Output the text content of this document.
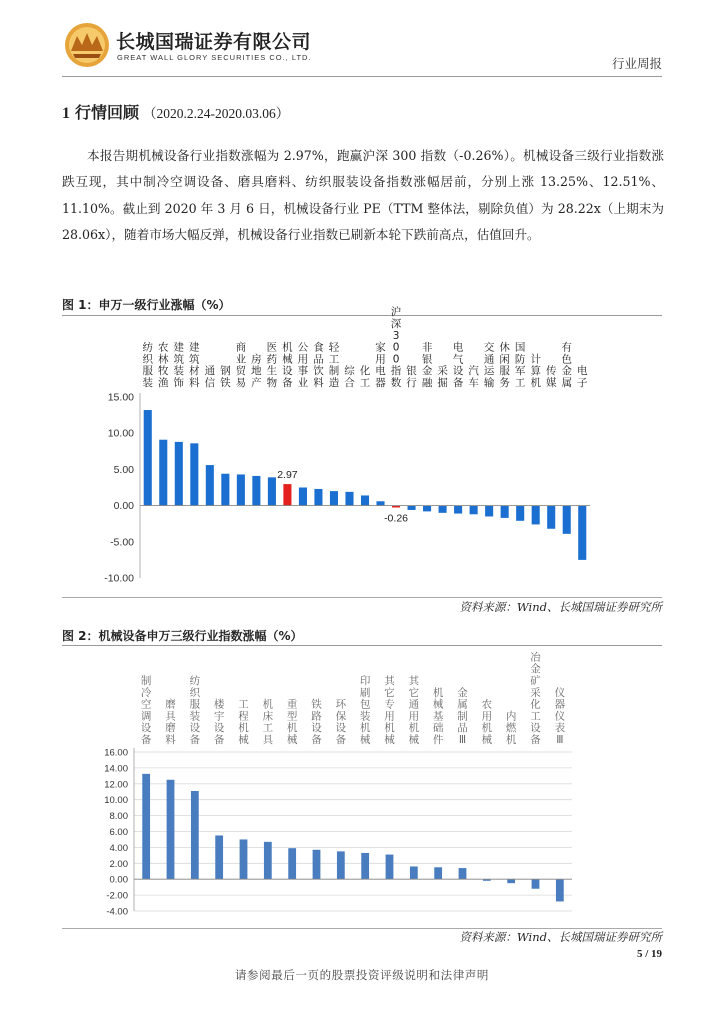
长城国瑞证券有限公司
GREAT WALL GLORY SECURITIES CO., LTD.	行业周报
1 行情回顾 （2020.2.24-2020.03.06）
本报告期机械设备行业指数涨幅为 2.97%，跑赢沪深 300 指数（-0.26%）。机械设备三级行业指数涨跌互现，其中制冷空调设备、磨具磨料、纺织服装设备指数涨幅居前，分别上涨 13.25%、12.51%、11.10%。截止到 2020 年 3 月 6 日，机械设备行业 PE（TTM 整体法，剔除负值）为 28.22x（上期末为 28.06x），随着市场大幅反弹，机械设备行业指数已刷新本轮下跌前高点，估值回升。
图 1：申万一级行业涨幅（%）
15.00
10.00
5.00
0.00
-5.00
-10.00
纺织服装
农林牧渔
建筑装饰
建筑材料
通信
钢铁
商业贸易
房地产
医药生物
2.97
机械设备
公用事业
食品饮料
轻工制造
综合
化工
家用电器
-0.26
沪深 3 0 0 指数
银行
非银金融
采掘
电气设备
汽车
交通运输
休闲服务
国防军工
计算机
传媒
有色金属
电子
资料来源：Wind、长城国瑞证券研究所
图 2：机械设备申万三级行业指数涨幅（%）
16.00
14.00
12.00
10.00
8.00
6.00
4.00
2.00
0.00
-2.00
-4.00
制冷空调设备
磨具磨料
纺织服装设备
楼宇设备
工程机械
机床工具
重型机械
铁路设备
环保设备
印刷包装机械
其它专用机械
其它通用机械
机械基础件
金属制品 Ⅲ
农用机械
内燃机
冶金矿采化工设备
仪器仪表 Ⅲ
资料来源：Wind、长城国瑞证券研究所
5 / 19
请参阅最后一页的股票投资评级说明和法律声明
